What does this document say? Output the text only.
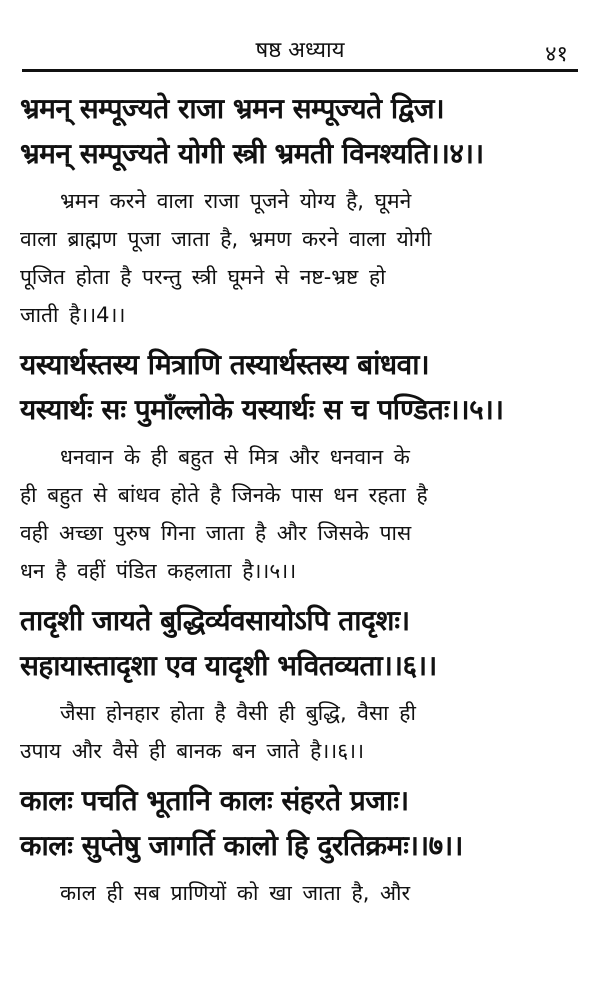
षष्ठ अध्याय	४१
भ्रमन् सम्पूज्यते राजा भ्रमन सम्पूज्यते द्विज।
भ्रमन् सम्पूज्यते योगी स्त्री भ्रमती विनश्यति।।४।।
भ्रमन करने वाला राजा पूजने योग्य है, घूमने
वाला ब्राह्मण पूजा जाता है, भ्रमण करने वाला योगी
पूजित होता है परन्तु स्त्री घूमने से नष्ट-भ्रष्ट हो
जाती है।।4।।
यस्यार्थस्तस्य मित्राणि तस्यार्थस्तस्य बांधवा।
यस्यार्थः सः पुमाँल्लोके यस्यार्थः स च पण्डितः।।५।।
धनवान के ही बहुत से मित्र और धनवान के
ही बहुत से बांधव होते है जिनके पास धन रहता है
वही अच्छा पुरुष गिना जाता है और जिसके पास
धन है वहीं पंडित कहलाता है।।५।।
तादृशी जायते बुद्धिर्व्यवसायोऽपि तादृशः।
सहायास्तादृशा एव यादृशी भवितव्यता।।६।।
जैसा होनहार होता है वैसी ही बुद्धि, वैसा ही
उपाय और वैसे ही बानक बन जाते है।।६।।
कालः पचति भूतानि कालः संहरते प्रजाः।
कालः सुप्तेषु जागर्ति कालो हि दुरतिक्रमः।।७।।
काल ही सब प्राणियों को खा जाता है, और
